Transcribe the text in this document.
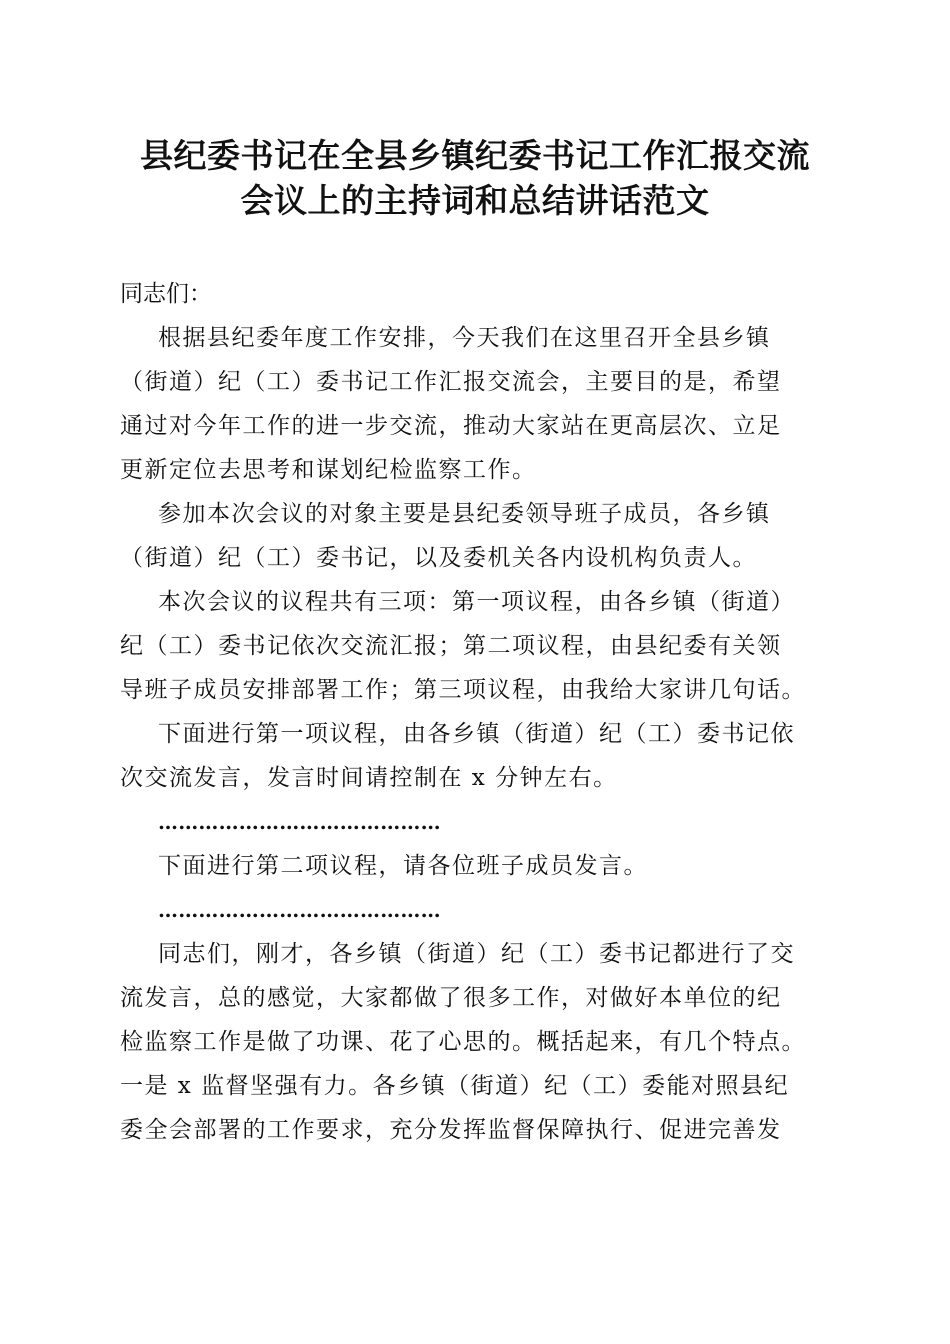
县纪委书记在全县乡镇纪委书记工作汇报交流
会议上的主持词和总结讲话范文

同志们：

根据县纪委年度工作安排，今天我们在这里召开全县乡镇
（街道）纪（工）委书记工作汇报交流会，主要目的是，希望
通过对今年工作的进一步交流，推动大家站在更高层次、立足
更新定位去思考和谋划纪检监察工作。

参加本次会议的对象主要是县纪委领导班子成员，各乡镇
（街道）纪（工）委书记，以及委机关各内设机构负责人。

本次会议的议程共有三项：第一项议程，由各乡镇（街道）
纪（工）委书记依次交流汇报；第二项议程，由县纪委有关领
导班子成员安排部署工作；第三项议程，由我给大家讲几句话。

下面进行第一项议程，由各乡镇（街道）纪（工）委书记依
次交流发言，发言时间请控制在 x 分钟左右。

……………………………………

下面进行第二项议程，请各位班子成员发言。

……………………………………

同志们，刚才，各乡镇（街道）纪（工）委书记都进行了交
流发言，总的感觉，大家都做了很多工作，对做好本单位的纪
检监察工作是做了功课、花了心思的。概括起来，有几个特点。
一是 x 监督坚强有力。各乡镇（街道）纪（工）委能对照县纪
委全会部署的工作要求，充分发挥监督保障执行、促进完善发
